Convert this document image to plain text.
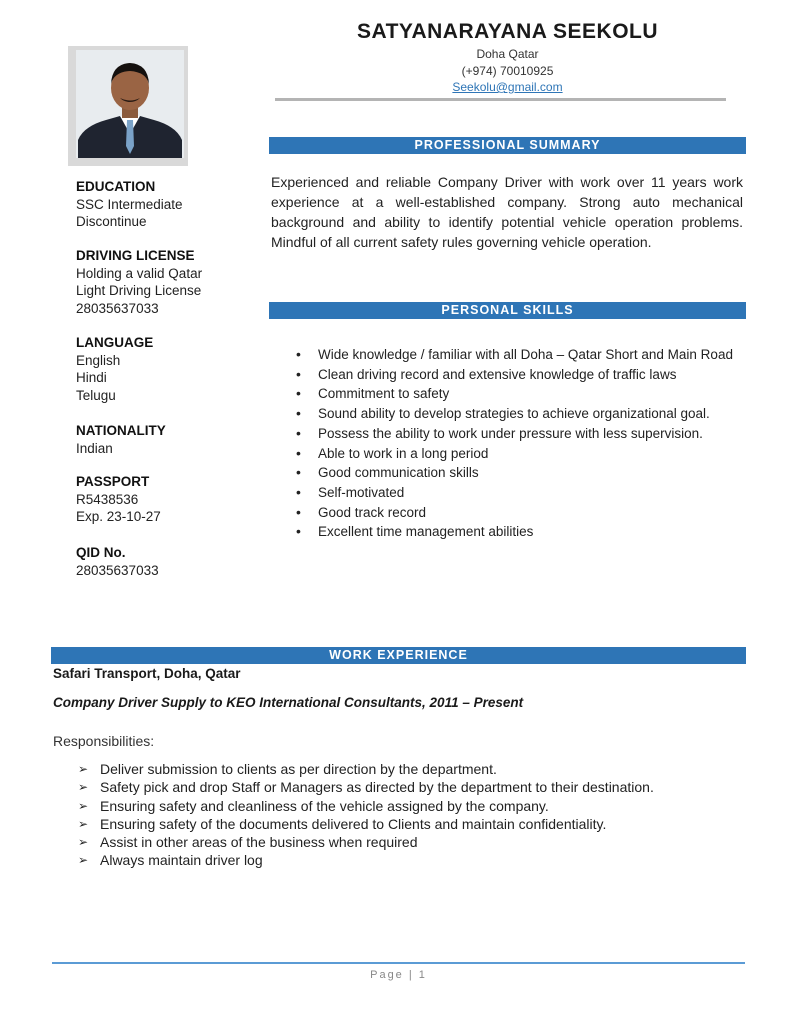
SATYANARAYANA SEEKOLU
Doha Qatar
(+974) 70010925
Seekolu@gmail.com
EDUCATION
SSC Intermediate
Discontinue
DRIVING LICENSE
Holding a valid Qatar
Light Driving License
28035637033
LANGUAGE
English
Hindi
Telugu
NATIONALITY
Indian
PASSPORT
R5438536
Exp. 23-10-27
QID No.
28035637033
PROFESSIONAL SUMMARY
Experienced and reliable Company Driver with work over 11 years work experience at a well-established company. Strong auto mechanical background and ability to identify potential vehicle operation problems. Mindful of all current safety rules governing vehicle operation.
PERSONAL SKILLS
• Wide knowledge / familiar with all Doha – Qatar Short and Main Road
• Clean driving record and extensive knowledge of traffic laws
• Commitment to safety
• Sound ability to develop strategies to achieve organizational goal.
• Possess the ability to work under pressure with less supervision.
• Able to work in a long period
• Good communication skills
• Self-motivated
• Good track record
• Excellent time management abilities
WORK EXPERIENCE
Safari Transport, Doha, Qatar
Company Driver Supply to KEO International Consultants, 2011 – Present
Responsibilities:
➢ Deliver submission to clients as per direction by the department.
➢ Safety pick and drop Staff or Managers as directed by the department to their destination.
➢ Ensuring safety and cleanliness of the vehicle assigned by the company.
➢ Ensuring safety of the documents delivered to Clients and maintain confidentiality.
➢ Assist in other areas of the business when required
➢ Always maintain driver log
Page | 1
